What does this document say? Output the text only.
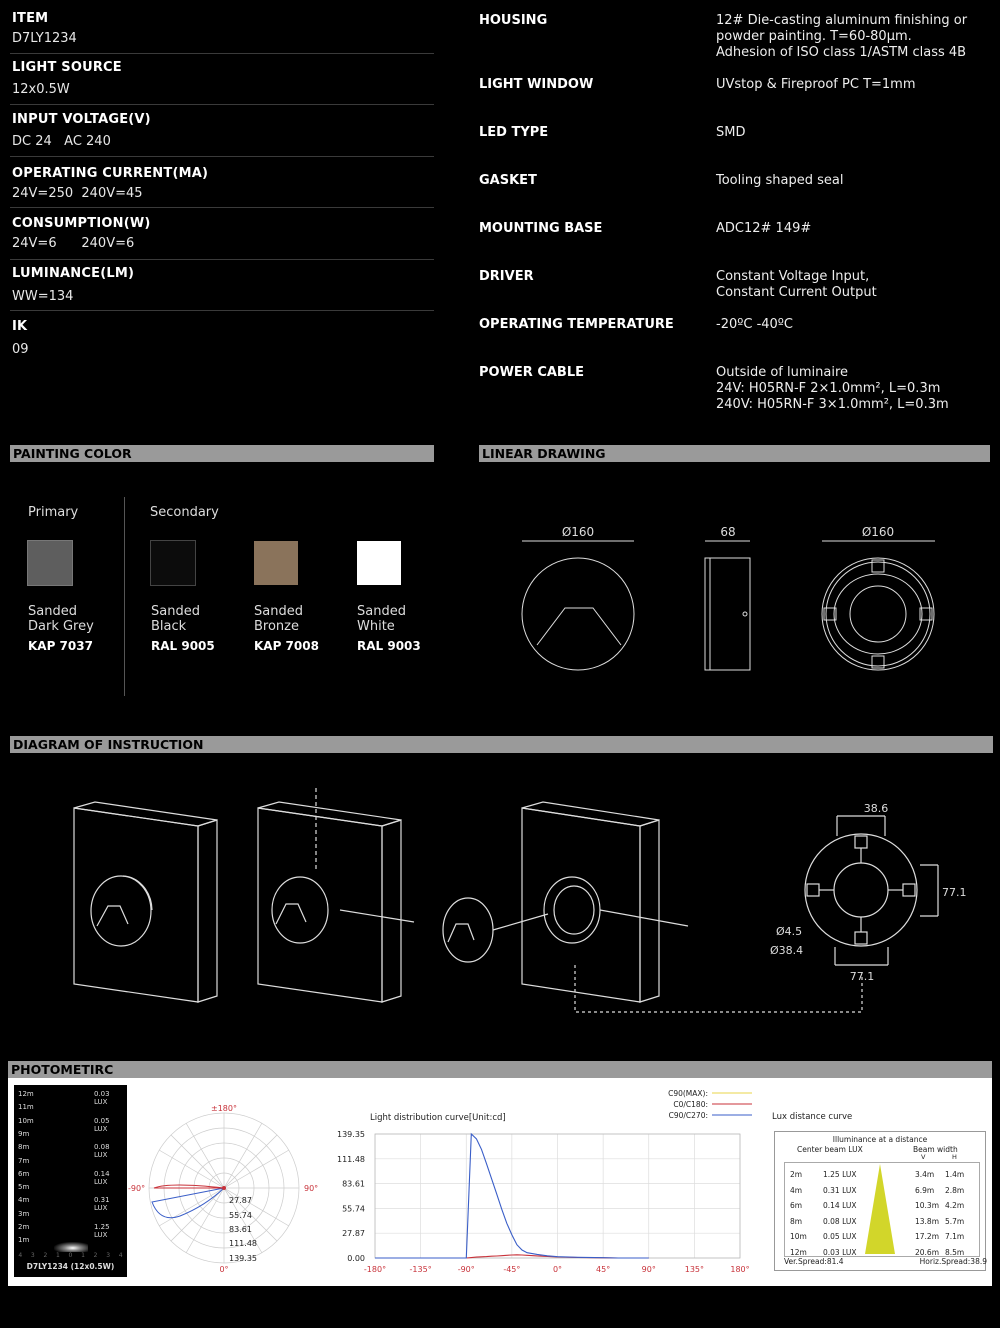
ITEM
D7LY1234
LIGHT SOURCE
12x0.5W
INPUT VOLTAGE(V)
DC 24   AC 240
OPERATING CURRENT(MA)
24V=250  240V=45
CONSUMPTION(W)
24V=6      240V=6
LUMINANCE(LM)
WW=134
IK
09
HOUSING	12# Die-casting aluminum finishing or
powder painting. T=60-80μm.
Adhesion of ISO class 1/ASTM class 4B
LIGHT WINDOW	UVstop & Fireproof PC T=1mm
LED TYPE	SMD
GASKET	Tooling shaped seal
MOUNTING BASE	ADC12# 149#
DRIVER	Constant Voltage Input,
Constant Current Output
OPERATING TEMPERATURE	-20ºC -40ºC
POWER CABLE	Outside of luminaire
24V: H05RN-F 2×1.0mm², L=0.3m
240V: H05RN-F 3×1.0mm², L=0.3m
PAINTING COLOR	LINEAR DRAWING
DIAGRAM OF INSTRUCTION
PHOTOMETIRC
Primary	Secondary
Sanded
Dark Grey
KAP 7037
Sanded
Black
RAL 9005
Sanded
Bronze
KAP 7008
Sanded
White
RAL 9003
Ø160	68	Ø160
38.6
77.1
77.1
Ø4.5
Ø38.4
12m	0.03 LUX
11m
10m	0.05 LUX
9m
8m	0.08 LUX
7m
6m	0.14 LUX
5m
4m	0.31 LUX
3m
2m	1.25 LUX
1m
4 3 2 1 0 1 2 3 4
D7LY1234 (12x0.5W)
±180°
-90°	90°
0°
27.87
55.74
83.61
111.48
139.35
Light distribution curve[Unit:cd]
C90(MAX):
C0/C180:
C90/C270:
139.35
111.48
83.61
55.74
27.87
0.00
-180°	-135°	-90°	-45°	0°	45°	90°	135°	180°
Lux distance curve
Illuminance at a distance
Center beam LUX	Beam width
V	H
2m	1.25 LUX	3.4m 1.4m
4m	0.31 LUX	6.9m 2.8m
6m	0.14 LUX	10.3m 4.2m
8m	0.08 LUX	13.8m 5.7m
10m 0.05 LUX	17.2m 7.1m
12m 0.03 LUX	20.6m 8.5m
Ver.Spread:81.4	Horiz.Spread:38.9
